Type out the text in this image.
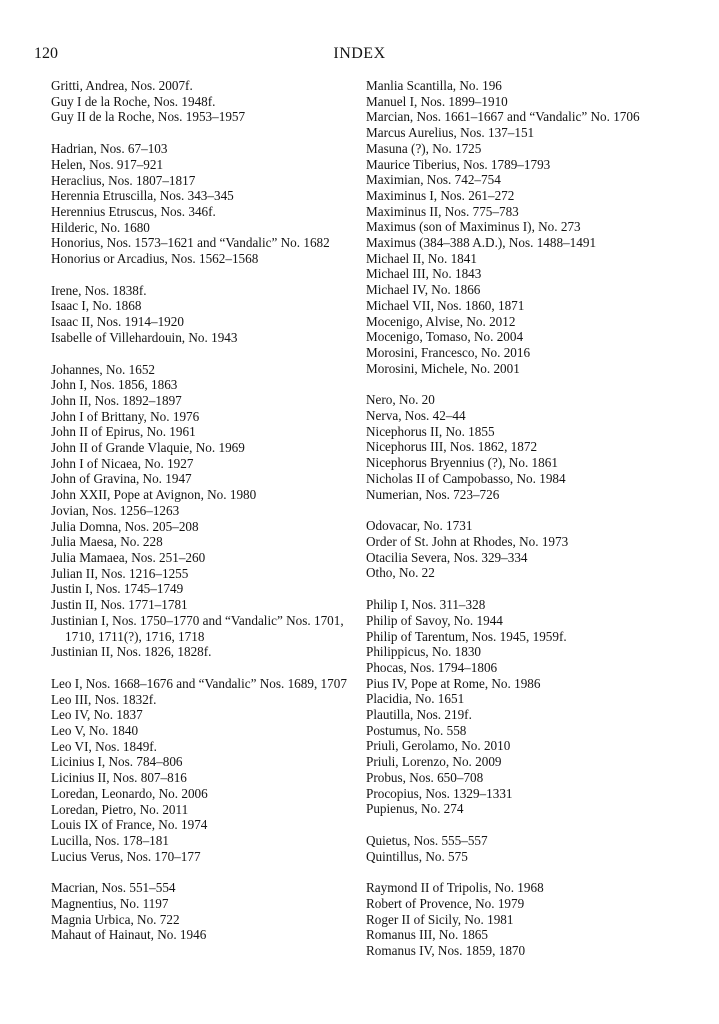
120	INDEX
Gritti, Andrea, Nos. 2007f.
Guy I de la Roche, Nos. 1948f.
Guy II de la Roche, Nos. 1953–1957
Hadrian, Nos. 67–103
Helen, Nos. 917–921
Heraclius, Nos. 1807–1817
Herennia Etruscilla, Nos. 343–345
Herennius Etruscus, Nos. 346f.
Hilderic, No. 1680
Honorius, Nos. 1573–1621 and “Vandalic” No. 1682
Honorius or Arcadius, Nos. 1562–1568
Irene, Nos. 1838f.
Isaac I, No. 1868
Isaac II, Nos. 1914–1920
Isabelle of Villehardouin, No. 1943
Johannes, No. 1652
John I, Nos. 1856, 1863
John II, Nos. 1892–1897
John I of Brittany, No. 1976
John II of Epirus, No. 1961
John II of Grande Vlaquie, No. 1969
John I of Nicaea, No. 1927
John of Gravina, No. 1947
John XXII, Pope at Avignon, No. 1980
Jovian, Nos. 1256–1263
Julia Domna, Nos. 205–208
Julia Maesa, No. 228
Julia Mamaea, Nos. 251–260
Julian II, Nos. 1216–1255
Justin I, Nos. 1745–1749
Justin II, Nos. 1771–1781
Justinian I, Nos. 1750–1770 and “Vandalic” Nos. 1701, 1710, 1711(?), 1716, 1718
Justinian II, Nos. 1826, 1828f.
Leo I, Nos. 1668–1676 and “Vandalic” Nos. 1689, 1707
Leo III, Nos. 1832f.
Leo IV, No. 1837
Leo V, No. 1840
Leo VI, Nos. 1849f.
Licinius I, Nos. 784–806
Licinius II, Nos. 807–816
Loredan, Leonardo, No. 2006
Loredan, Pietro, No. 2011
Louis IX of France, No. 1974
Lucilla, Nos. 178–181
Lucius Verus, Nos. 170–177
Macrian, Nos. 551–554
Magnentius, No. 1197
Magnia Urbica, No. 722
Mahaut of Hainaut, No. 1946
Manlia Scantilla, No. 196
Manuel I, Nos. 1899–1910
Marcian, Nos. 1661–1667 and “Vandalic” No. 1706
Marcus Aurelius, Nos. 137–151
Masuna (?), No. 1725
Maurice Tiberius, Nos. 1789–1793
Maximian, Nos. 742–754
Maximinus I, Nos. 261–272
Maximinus II, Nos. 775–783
Maximus (son of Maximinus I), No. 273
Maximus (384–388 A.D.), Nos. 1488–1491
Michael II, No. 1841
Michael III, No. 1843
Michael IV, No. 1866
Michael VII, Nos. 1860, 1871
Mocenigo, Alvise, No. 2012
Mocenigo, Tomaso, No. 2004
Morosini, Francesco, No. 2016
Morosini, Michele, No. 2001
Nero, No. 20
Nerva, Nos. 42–44
Nicephorus II, No. 1855
Nicephorus III, Nos. 1862, 1872
Nicephorus Bryennius (?), No. 1861
Nicholas II of Campobasso, No. 1984
Numerian, Nos. 723–726
Odovacar, No. 1731
Order of St. John at Rhodes, No. 1973
Otacilia Severa, Nos. 329–334
Otho, No. 22
Philip I, Nos. 311–328
Philip of Savoy, No. 1944
Philip of Tarentum, Nos. 1945, 1959f.
Philippicus, No. 1830
Phocas, Nos. 1794–1806
Pius IV, Pope at Rome, No. 1986
Placidia, No. 1651
Plautilla, Nos. 219f.
Postumus, No. 558
Priuli, Gerolamo, No. 2010
Priuli, Lorenzo, No. 2009
Probus, Nos. 650–708
Procopius, Nos. 1329–1331
Pupienus, No. 274
Quietus, Nos. 555–557
Quintillus, No. 575
Raymond II of Tripolis, No. 1968
Robert of Provence, No. 1979
Roger II of Sicily, No. 1981
Romanus III, No. 1865
Romanus IV, Nos. 1859, 1870
